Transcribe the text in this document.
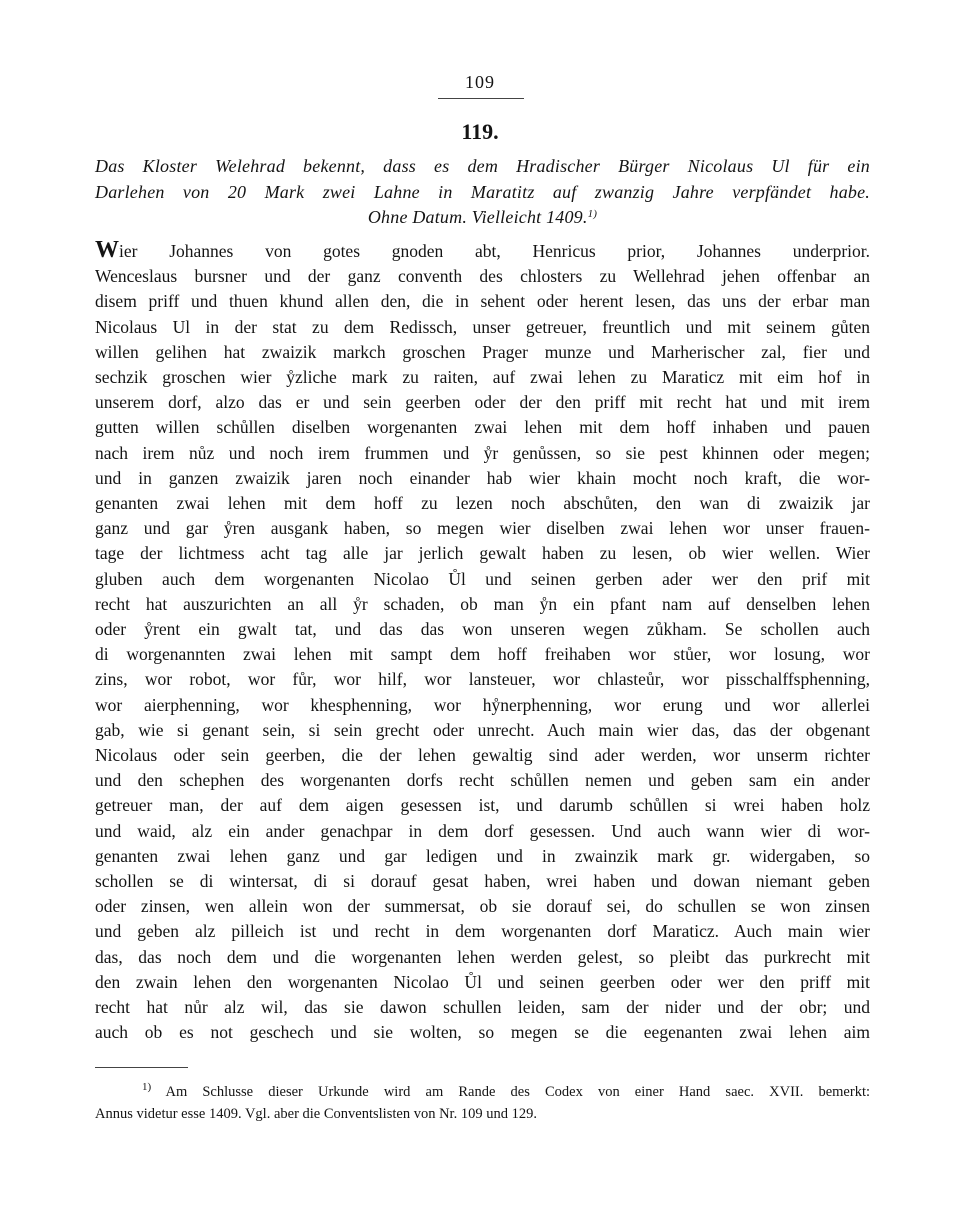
109
119.
Das Kloster Welehrad bekennt, dass es dem Hradischer Bürger Nicolaus Ul für ein
Darlehen von 20 Mark zwei Lahne in Maratitz auf zwanzig Jahre verpfändet habe.
Ohne Datum. Vielleicht 1409.$^{1)}$
Wier Johannes von gotes gnoden abt, Henricus prior, Johannes underprior.
Wenceslaus bursner und der ganz conventh des chlosters zu Wellehrad jehen offenbar an
disem priff und thuen khund allen den, die in sehent oder herent lesen, das uns der erbar man
Nicolaus Ul in der stat zu dem Redissch, unser getreuer, freuntlich und mit seinem gůten
willen gelihen hat zwaizik markch groschen Prager munze und Marherischer zal, fier und
sechzik groschen wier ẙzliche mark zu raiten, auf zwai lehen zu Maraticz mit eim hof in
unserem dorf, alzo das er und sein geerben oder der den priff mit recht hat und mit irem
gutten willen schůllen diselben worgenanten zwai lehen mit dem hoff inhaben und pauen
nach irem nůz und noch irem frummen und ẙr genůssen, so sie pest khinnen oder megen;
und in ganzen zwaizik jaren noch einander hab wier khain mocht noch kraft, die wor-
genanten zwai lehen mit dem hoff zu lezen noch abschůten, den wan di zwaizik jar
ganz und gar ẙren ausgank haben, so megen wier diselben zwai lehen wor unser frauen-
tage der lichtmess acht tag alle jar jerlich gewalt haben zu lesen, ob wier wellen. Wier
gluben auch dem worgenanten Nicolao Ůl und seinen gerben ader wer den prif mit
recht hat auszurichten an all ẙr schaden, ob man ẙn ein pfant nam auf denselben lehen
oder ẙrent ein gwalt tat, und das das won unseren wegen zůkham. Se schollen auch
di worgenannten zwai lehen mit sampt dem hoff freihaben wor stůer, wor losung, wor
zins, wor robot, wor fůr, wor hilf, wor lansteuer, wor chlasteůr, wor pisschalffsphenning,
wor aierphenning, wor khesphenning, wor hẙnerphenning, wor erung und wor allerlei
gab, wie si genant sein, si sein grecht oder unrecht. Auch main wier das, das der obgenant
Nicolaus oder sein geerben, die der lehen gewaltig sind ader werden, wor unserm richter
und den schephen des worgenanten dorfs recht schůllen nemen und geben sam ein ander
getreuer man, der auf dem aigen gesessen ist, und darumb schůllen si wrei haben holz
und waid, alz ein ander genachpar in dem dorf gesessen. Und auch wann wier di wor-
genanten zwai lehen ganz und gar ledigen und in zwainzik mark gr. widergaben, so
schollen se di wintersat, di si dorauf gesat haben, wrei haben und dowan niemant geben
oder zinsen, wen allein won der summersat, ob sie dorauf sei, do schullen se won zinsen
und geben alz pilleich ist und recht in dem worgenanten dorf Maraticz. Auch main wier
das, das noch dem und die worgenanten lehen werden gelest, so pleibt das purkrecht mit
den zwain lehen den worgenanten Nicolao Ůl und seinen geerben oder wer den priff mit
recht hat nůr alz wil, das sie dawon schullen leiden, sam der nider und der obr; und
auch ob es not geschech und sie wolten, so megen se die eegenanten zwai lehen aim
$^{1)}$ Am Schlusse dieser Urkunde wird am Rande des Codex von einer Hand saec. XVII. bemerkt:
Annus videtur esse 1409. Vgl. aber die Conventslisten von Nr. 109 und 129.
